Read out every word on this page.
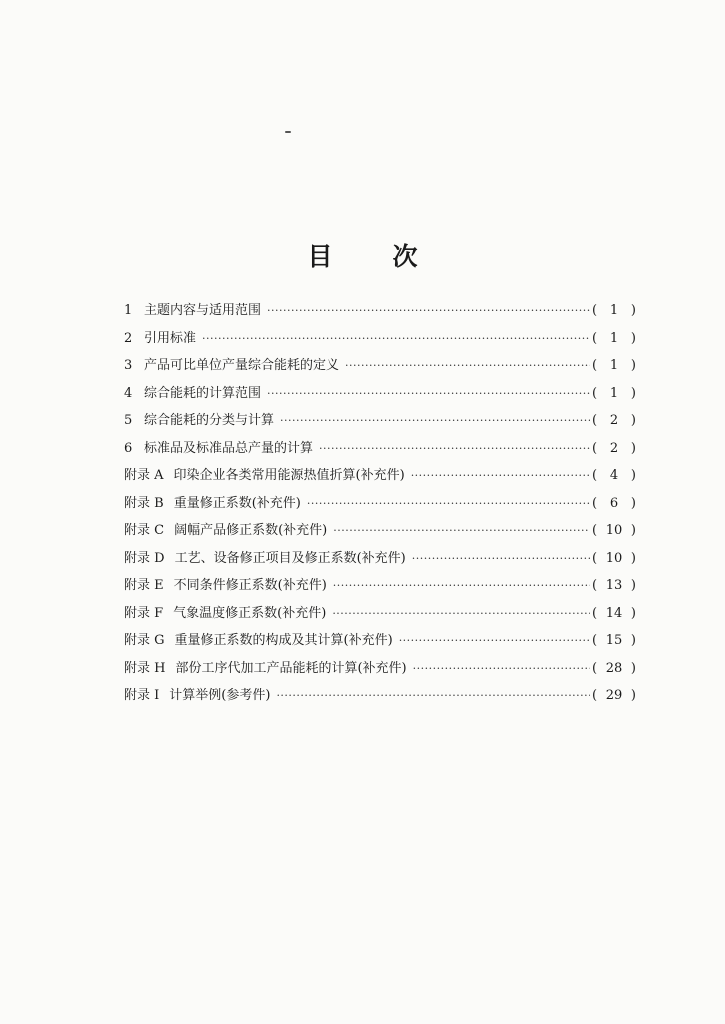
目 次
1 主题内容与适用范围 ·····	( 1 )
2 引用标准 ·····	( 1 )
3 产品可比单位产量综合能耗的定义 ·····	( 1 )
4 综合能耗的计算范围 ·····	( 1 )
5 综合能耗的分类与计算 ·····	( 2 )
6 标准品及标准品总产量的计算 ·····	( 2 )
附录 A 印染企业各类常用能源热值折算(补充件) ·····	( 4 )
附录 B 重量修正系数(补充件) ·····	( 6 )
附录 C 阔幅产品修正系数(补充件) ·····	( 10 )
附录 D 工艺、设备修正项目及修正系数(补充件) ·····	( 10 )
附录 E 不同条件修正系数(补充件) ·····	( 13 )
附录 F 气象温度修正系数(补充件) ·····	( 14 )
附录 G 重量修正系数的构成及其计算(补充件) ·····	( 15 )
附录 H 部份工序代加工产品能耗的计算(补充件) ·····	( 28 )
附录 I 计算举例(参考件) ·····	( 29 )
